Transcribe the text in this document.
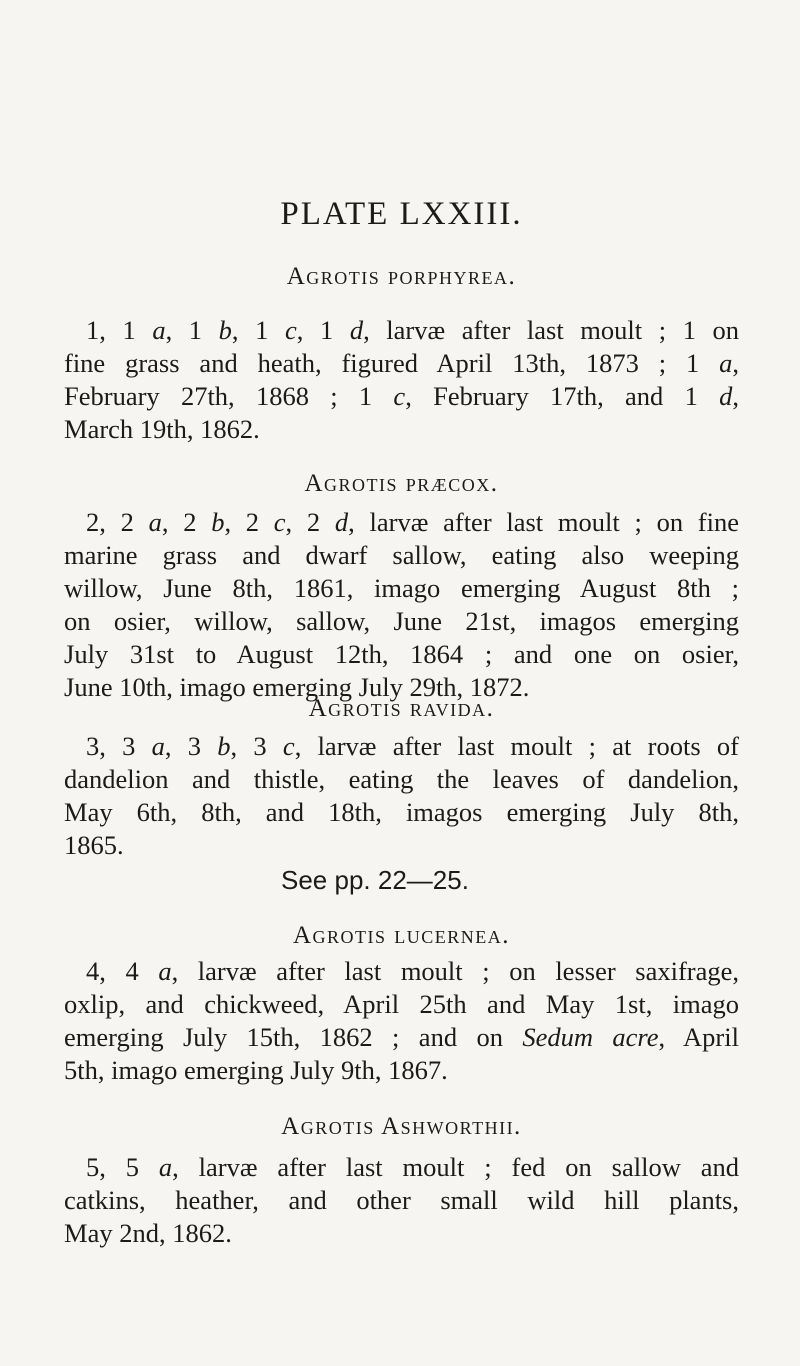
PLATE LXXIII.
Agrotis porphyrea.

1, 1 a, 1 b, 1 c, 1 d, larvæ after last moult ; 1 on
fine grass and heath, figured April 13th, 1873 ; 1 a,
February 27th, 1868 ; 1 c, February 17th, and 1 d,
March 19th, 1862.

Agrotis præcox.

2, 2 a, 2 b, 2 c, 2 d, larvæ after last moult ; on fine
marine grass and dwarf sallow, eating also weeping
willow, June 8th, 1861, imago emerging August 8th ;
on osier, willow, sallow, June 21st, imagos emerging
July 31st to August 12th, 1864 ; and one on osier,
June 10th, imago emerging July 29th, 1872.

Agrotis ravida.

3, 3 a, 3 b, 3 c, larvæ after last moult ; at roots of
dandelion and thistle, eating the leaves of dandelion,
May 6th, 8th, and 18th, imagos emerging July 8th,
1865.

See pp. 22—25.

Agrotis lucernea.

4, 4 a, larvæ after last moult ; on lesser saxifrage,
oxlip, and chickweed, April 25th and May 1st, imago
emerging July 15th, 1862 ; and on Sedum acre, April
5th, imago emerging July 9th, 1867.

Agrotis Ashworthii.

5, 5 a, larvæ after last moult ; fed on sallow and
catkins, heather, and other small wild hill plants,
May 2nd, 1862.
